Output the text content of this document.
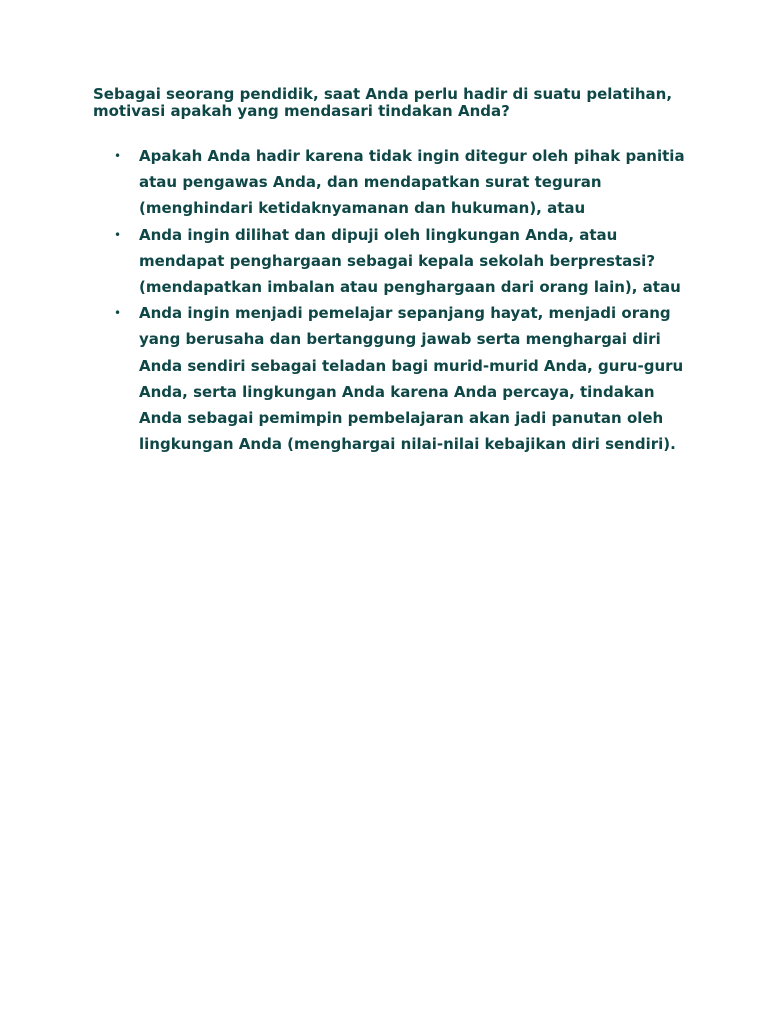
Sebagai seorang pendidik, saat Anda perlu hadir di suatu pelatihan, motivasi apakah yang mendasari tindakan Anda?

• Apakah Anda hadir karena tidak ingin ditegur oleh pihak panitia atau pengawas Anda, dan mendapatkan surat teguran (menghindari ketidaknyamanan dan hukuman), atau
• Anda ingin dilihat dan dipuji oleh lingkungan Anda, atau mendapat penghargaan sebagai kepala sekolah berprestasi? (mendapatkan imbalan atau penghargaan dari orang lain), atau
• Anda ingin menjadi pemelajar sepanjang hayat, menjadi orang yang berusaha dan bertanggung jawab serta menghargai diri Anda sendiri sebagai teladan bagi murid-murid Anda, guru-guru Anda, serta lingkungan Anda karena Anda percaya, tindakan Anda sebagai pemimpin pembelajaran akan jadi panutan oleh lingkungan Anda (menghargai nilai-nilai kebajikan diri sendiri).
